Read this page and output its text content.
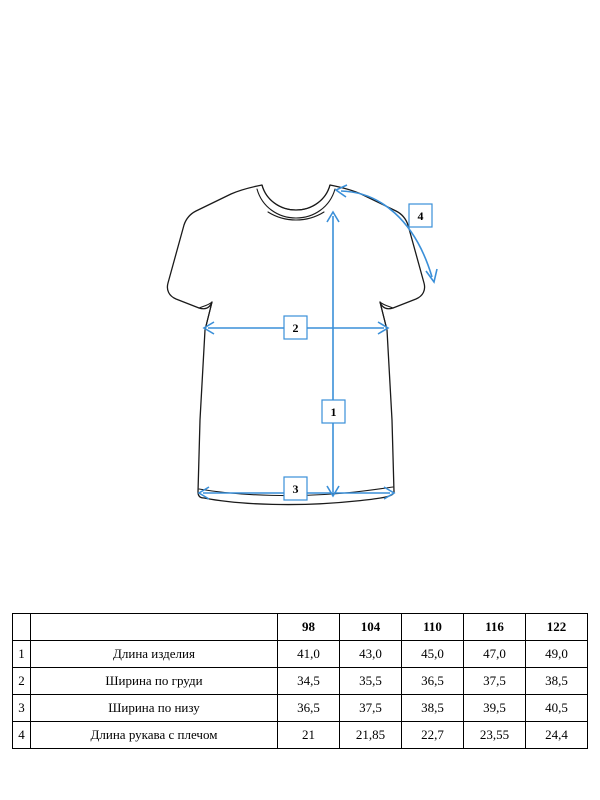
1
2
3
4
		98	104	110	116	122
1	Длина изделия	41,0	43,0	45,0	47,0	49,0
2	Ширина по груди	34,5	35,5	36,5	37,5	38,5
3	Ширина по низу	36,5	37,5	38,5	39,5	40,5
4	Длина рукава с плечом	21	21,85	22,7	23,55	24,4
